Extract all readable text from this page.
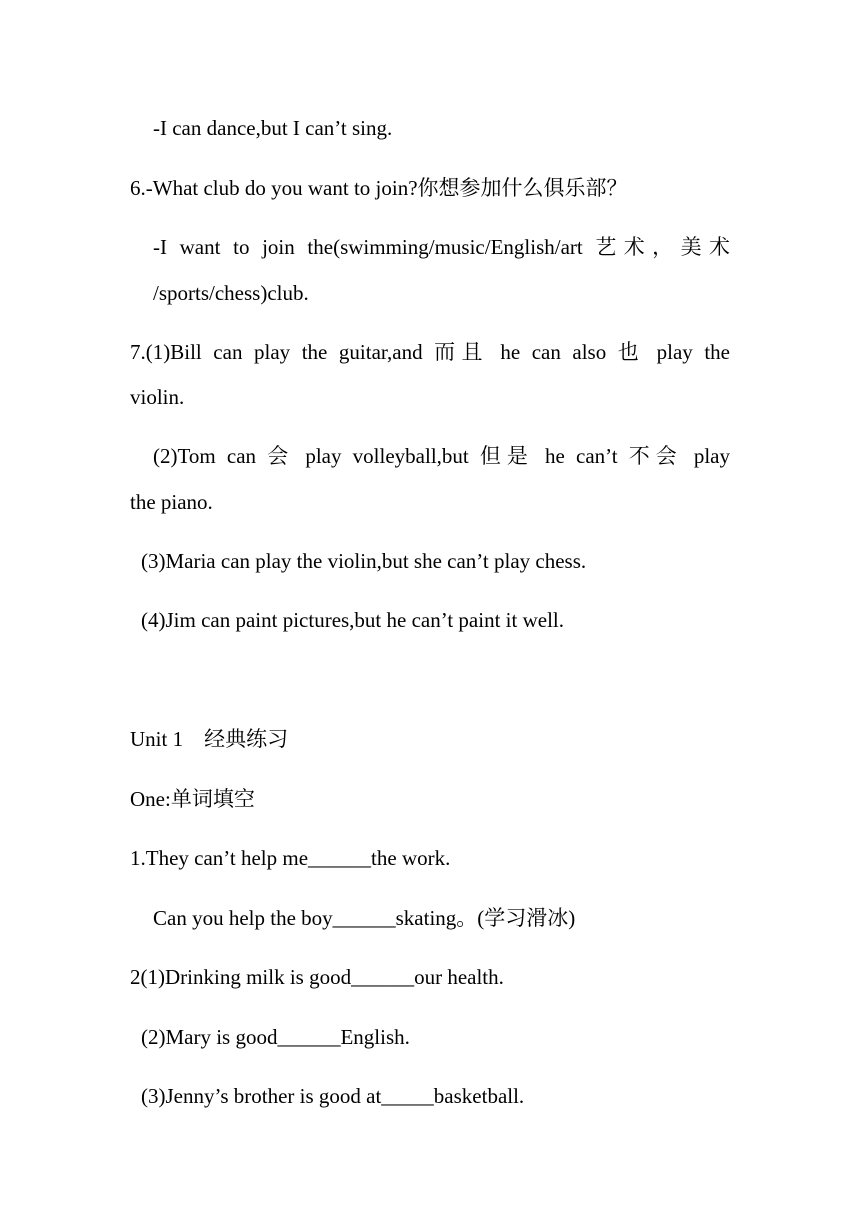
-I can dance,but I can’t sing.
6.-What club do you want to join?你想参加什么俱乐部？
-I want to join the(swimming/music/English/art 艺术，美术
/sports/chess)club.
7.(1)Bill can play the guitar,and 而且 he can also 也 play the
violin.
(2)Tom can 会 play volleyball,but 但是 he can’t 不会 play
the piano.
(3)Maria can play the violin,but she can’t play chess.
(4)Jim can paint pictures,but he can’t paint it well.
Unit 1    经典练习
One:单词填空
1.They can’t help me______the work.
Can you help the boy______skating。(学习滑冰)
2(1)Drinking milk is good______our health.
(2)Mary is good______English.
(3)Jenny’s brother is good at_____basketball.
